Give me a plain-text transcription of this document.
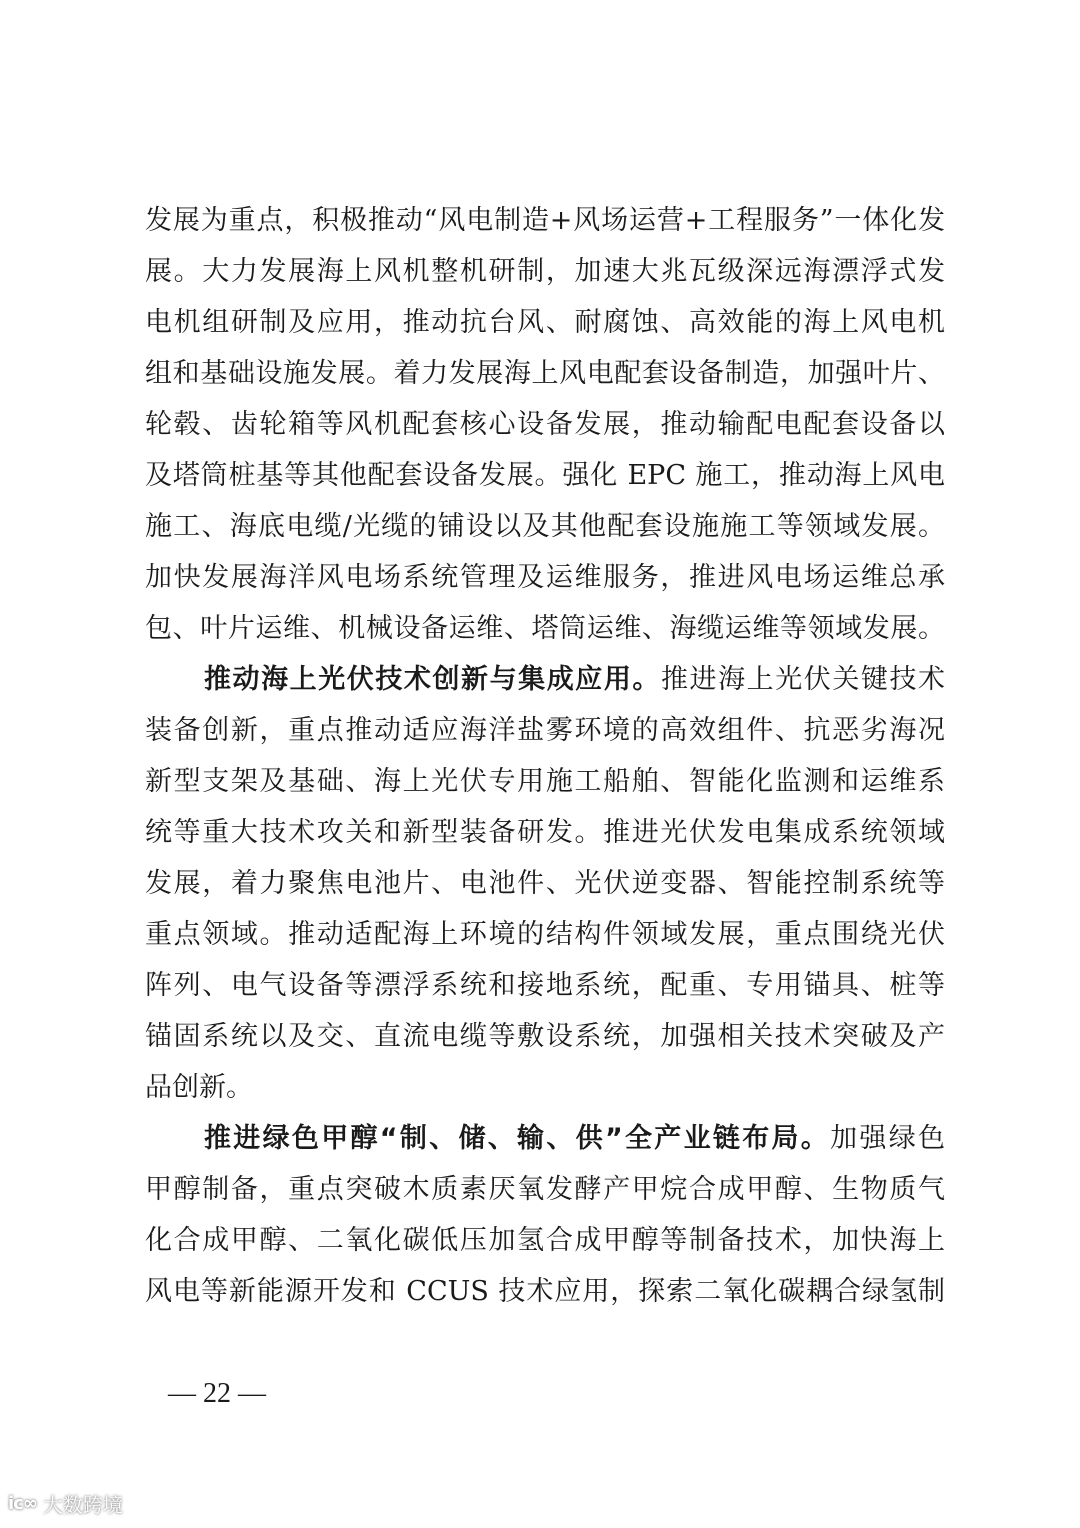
发展为重点，积极推动“风电制造+风场运营+工程服务”一体化发
展。大力发展海上风机整机研制，加速大兆瓦级深远海漂浮式发
电机组研制及应用，推动抗台风、耐腐蚀、高效能的海上风电机
组和基础设施发展。着力发展海上风电配套设备制造，加强叶片、
轮毂、齿轮箱等风机配套核心设备发展，推动输配电配套设备以
及塔筒桩基等其他配套设备发展。强化 EPC 施工，推动海上风电
施工、海底电缆/光缆的铺设以及其他配套设施施工等领域发展。
加快发展海洋风电场系统管理及运维服务，推进风电场运维总承
包、叶片运维、机械设备运维、塔筒运维、海缆运维等领域发展。
推动海上光伏技术创新与集成应用。推进海上光伏关键技术
装备创新，重点推动适应海洋盐雾环境的高效组件、抗恶劣海况
新型支架及基础、海上光伏专用施工船舶、智能化监测和运维系
统等重大技术攻关和新型装备研发。推进光伏发电集成系统领域
发展，着力聚焦电池片、电池件、光伏逆变器、智能控制系统等
重点领域。推动适配海上环境的结构件领域发展，重点围绕光伏
阵列、电气设备等漂浮系统和接地系统，配重、专用锚具、桩等
锚固系统以及交、直流电缆等敷设系统，加强相关技术突破及产
品创新。
推进绿色甲醇“制、储、输、供”全产业链布局。加强绿色
甲醇制备，重点突破木质素厌氧发酵产甲烷合成甲醇、生物质气
化合成甲醇、二氧化碳低压加氢合成甲醇等制备技术，加快海上
风电等新能源开发和 CCUS 技术应用，探索二氧化碳耦合绿氢制
— 22 —
ic∞ 大数跨境
